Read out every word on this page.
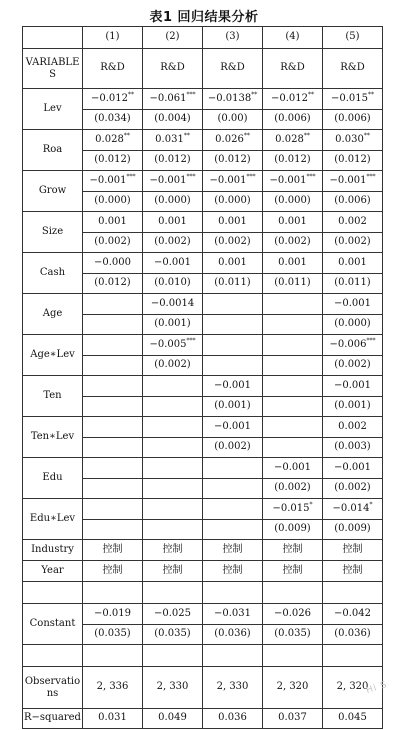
表1 回归结果分析
	(1)	(2)	(3)	(4)	(5)
VARIABLES	R&D	R&D	R&D	R&D	R&D
Lev	−0.012**	−0.061***	−0.0138**	−0.012**	−0.015**
	(0.034)	(0.004)	(0.00)	(0.006)	(0.006)
Roa	0.028**	0.031**	0.026**	0.028**	0.030**
	(0.012)	(0.012)	(0.012)	(0.012)	(0.012)
Grow	−0.001***	−0.001***	−0.001***	−0.001***	−0.001***
	(0.000)	(0.000)	(0.000)	(0.000)	(0.006)
Size	0.001	0.001	0.001	0.001	0.002
	(0.002)	(0.002)	(0.002)	(0.002)	(0.002)
Cash	−0.000	−0.001	0.001	0.001	0.001
	(0.012)	(0.010)	(0.011)	(0.011)	(0.011)
Age		−0.0014			−0.001
		(0.001)			(0.000)
Age∗Lev		−0.005***			−0.006***
		(0.002)			(0.002)
Ten			−0.001		−0.001
			(0.001)		(0.001)
Ten∗Lev			−0.001		0.002
			(0.002)		(0.003)
Edu				−0.001	−0.001
				(0.002)	(0.002)
Edu∗Lev				−0.015*	−0.014*
				(0.009)	(0.009)
Industry	控制	控制	控制	控制	控制
Year	控制	控制	控制	控制	控制

Constant	−0.019	−0.025	−0.031	−0.026	−0.042
	(0.035)	(0.035)	(0.036)	(0.035)	(0.036)

Observations	2, 336	2, 330	2, 330	2, 320	2, 320
R−squared	0.031	0.049	0.036	0.037	0.045
Hi S
